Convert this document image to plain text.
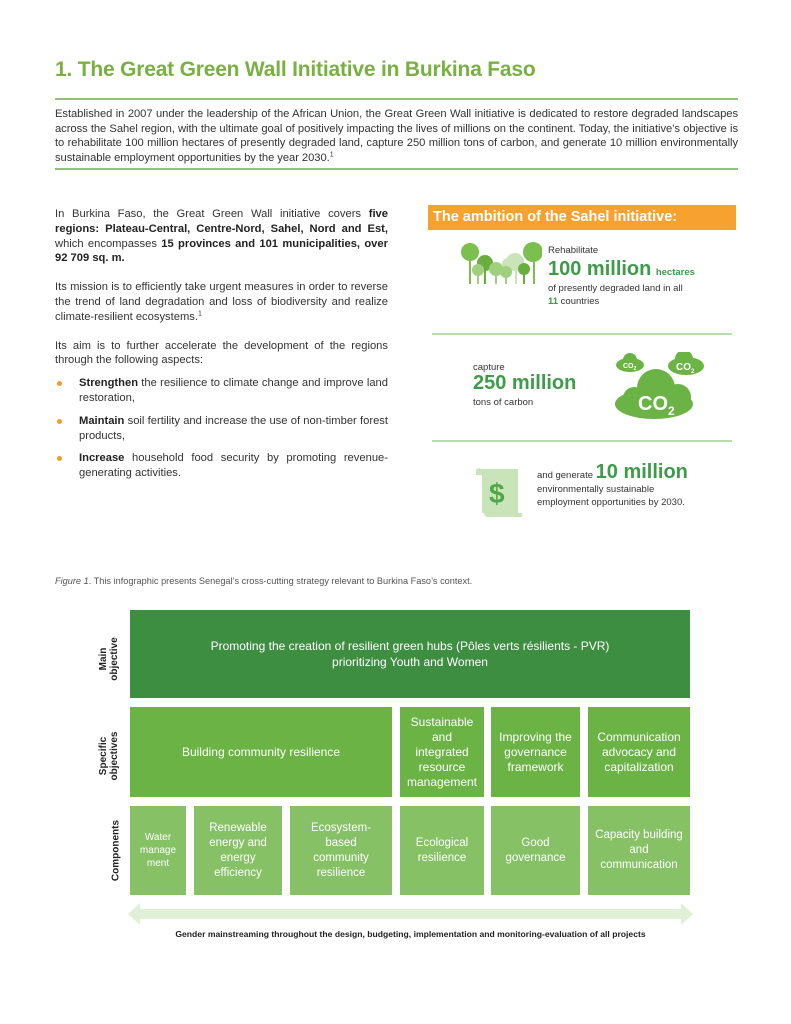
1. The Great Green Wall Initiative in Burkina Faso
Established in 2007 under the leadership of the African Union, the Great Green Wall initiative is dedicated to restore degraded landscapes across the Sahel region, with the ultimate goal of positively impacting the lives of millions on the continent. Today, the initiative’s objective is to rehabilitate 100 million hectares of presently degraded land, capture 250 million tons of carbon, and generate 10 million environmentally sustainable employment opportunities by the year 2030.$^1$

In Burkina Faso, the Great Green Wall initiative covers five regions: Plateau-Central, Centre-Nord, Sahel, Nord and Est, which encompasses 15 provinces and 101 municipalities, over 92 709 sq. m.

Its mission is to efficiently take urgent measures in order to reverse the trend of land degradation and loss of biodiversity and realize climate-resilient ecosystems.$^1$

Its aim is to further accelerate the development of the regions through the following aspects:

Strengthen the resilience to climate change and improve land restoration,
Maintain soil fertility and increase the use of non-timber forest products,
Increase household food security by promoting revenue-generating activities.
The ambition of the Sahel initiative:
Rehabilitate
100 million hectares
of presently degraded land in all
11 countries
capture
250 million
tons of carbon
$CO_2$	$CO_2$
$CO_2$
$
and generate 10 million
environmentally sustainable
employment opportunities by 2030.
Figure 1. This infographic presents Senegal’s cross-cutting strategy relevant to Burkina Faso’s context.
Main objective
Specific objectives
Components
Promoting the creation of resilient green hubs (Pôles verts résilients - PVR)
prioritizing Youth and Women
Building community resilience
Sustainable and integrated resource management
Improving the governance framework
Communication advocacy and capitalization
Water manage ment
Renewable energy and energy efficiency
Ecosystem-based community resilience
Ecological resilience
Good governance
Capacity building and communication
Gender mainstreaming throughout the design, budgeting, implementation and monitoring-evaluation of all projects
